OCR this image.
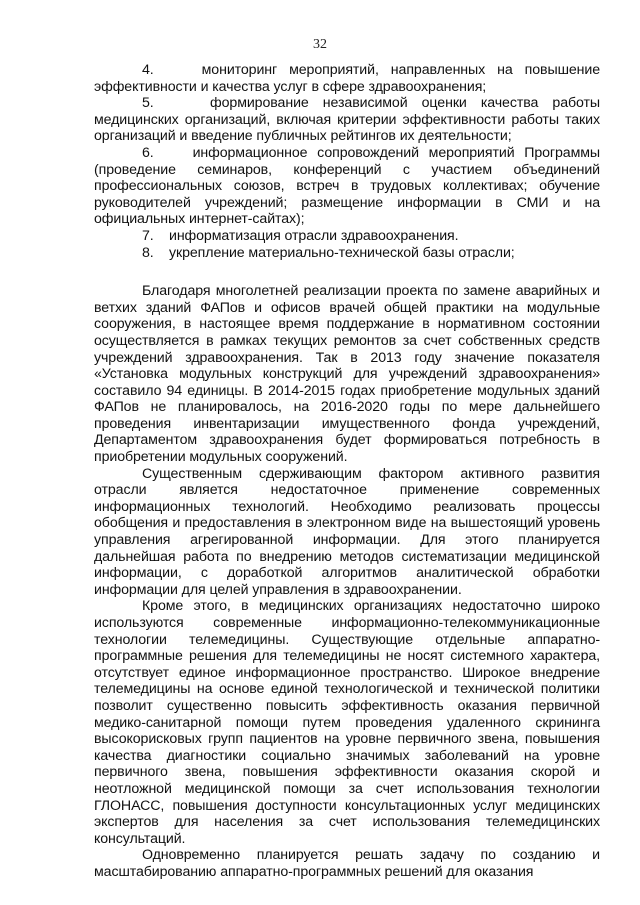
32

4.    мониторинг мероприятий, направленных на повышение эффективности и качества услуг в сфере здравоохранения;

5.    формирование независимой оценки качества работы медицинских организаций, включая критерии эффективности работы таких организаций и введение публичных рейтингов их деятельности;

6.    информационное сопровождений мероприятий Программы (проведение семинаров, конференций с участием объединений профессиональных союзов, встреч в трудовых коллективах; обучение руководителей учреждений; размещение информации в СМИ и на официальных интернет-сайтах);

7.    информатизация отрасли здравоохранения.

8.    укрепление материально-технической базы отрасли;

Благодаря многолетней реализации проекта по замене аварийных и ветхих зданий ФАПов и офисов врачей общей практики на модульные сооружения, в настоящее время поддержание в нормативном состоянии осуществляется в рамках текущих ремонтов за счет собственных средств учреждений здравоохранения. Так в 2013 году значение показателя «Установка модульных конструкций для учреждений здравоохранения» составило 94 единицы. В 2014-2015 годах приобретение модульных зданий ФАПов не планировалось, на 2016-2020 годы по мере дальнейшего проведения инвентаризации имущественного фонда учреждений, Департаментом здравоохранения будет формироваться потребность в приобретении модульных сооружений.

Существенным сдерживающим фактором активного развития отрасли является недостаточное применение современных информационных технологий. Необходимо реализовать процессы обобщения и предоставления в электронном виде на вышестоящий уровень управления агрегированной информации. Для этого планируется дальнейшая работа по внедрению методов систематизации медицинской информации, с доработкой алгоритмов аналитической обработки информации для целей управления в здравоохранении.

Кроме этого, в медицинских организациях недостаточно широко используются современные информационно-телекоммуникационные технологии телемедицины. Существующие отдельные аппаратно-программные решения для телемедицины не носят системного характера, отсутствует единое информационное пространство. Широкое внедрение телемедицины на основе единой технологической и технической политики позволит существенно повысить эффективность оказания первичной медико-санитарной помощи путем проведения удаленного скрининга высокорисковых групп пациентов на уровне первичного звена, повышения качества диагностики социально значимых заболеваний на уровне первичного звена, повышения эффективности оказания скорой и неотложной медицинской помощи за счет использования технологии ГЛОНАСС, повышения доступности консультационных услуг медицинских экспертов для населения за счет использования телемедицинских консультаций.

Одновременно планируется решать задачу по созданию и масштабированию аппаратно-программных решений для оказания
